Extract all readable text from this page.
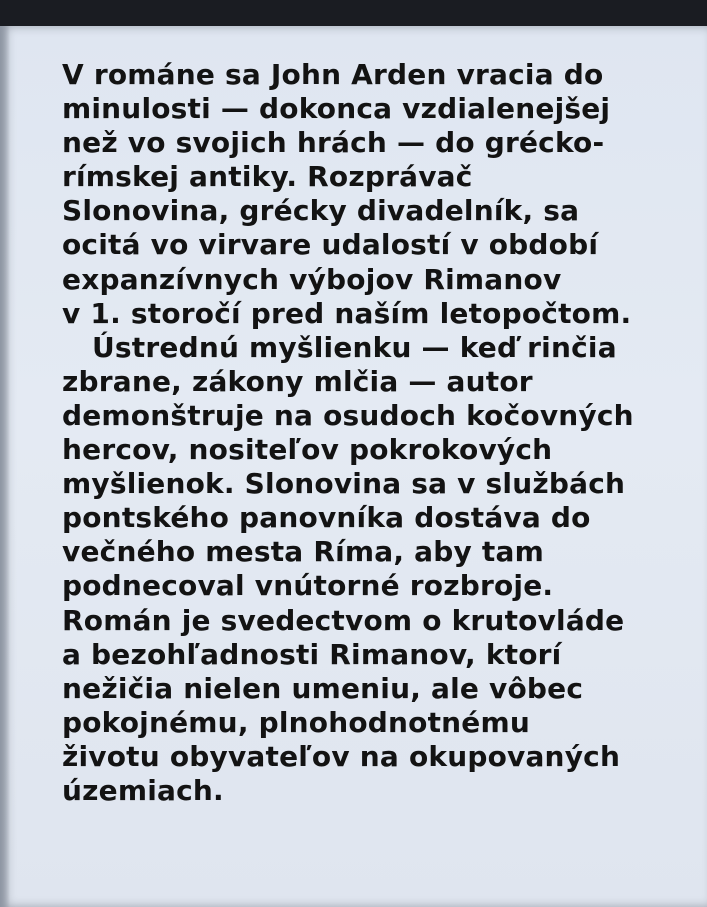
V románe sa John Arden vracia do
minulosti — dokonca vzdialenejšej
než vo svojich hrách — do grécko-
rímskej antiky. Rozprávač
Slonovina, grécky divadelník, sa
ocitá vo virvare udalostí v období
expanzívnych výbojov Rimanov
v 1. storočí pred naším letopočtom.
Ústrednú myšlienku — keď rinčia
zbrane, zákony mlčia — autor
demonštruje na osudoch kočovných
hercov, nositeľov pokrokových
myšlienok. Slonovina sa v službách
pontského panovníka dostáva do
večného mesta Ríma, aby tam
podnecoval vnútorné rozbroje.
Román je svedectvom o krutovláde
a bezohľadnosti Rimanov, ktorí
nežičia nielen umeniu, ale vôbec
pokojnému, plnohodnotnému
životu obyvateľov na okupovaných
územiach.
